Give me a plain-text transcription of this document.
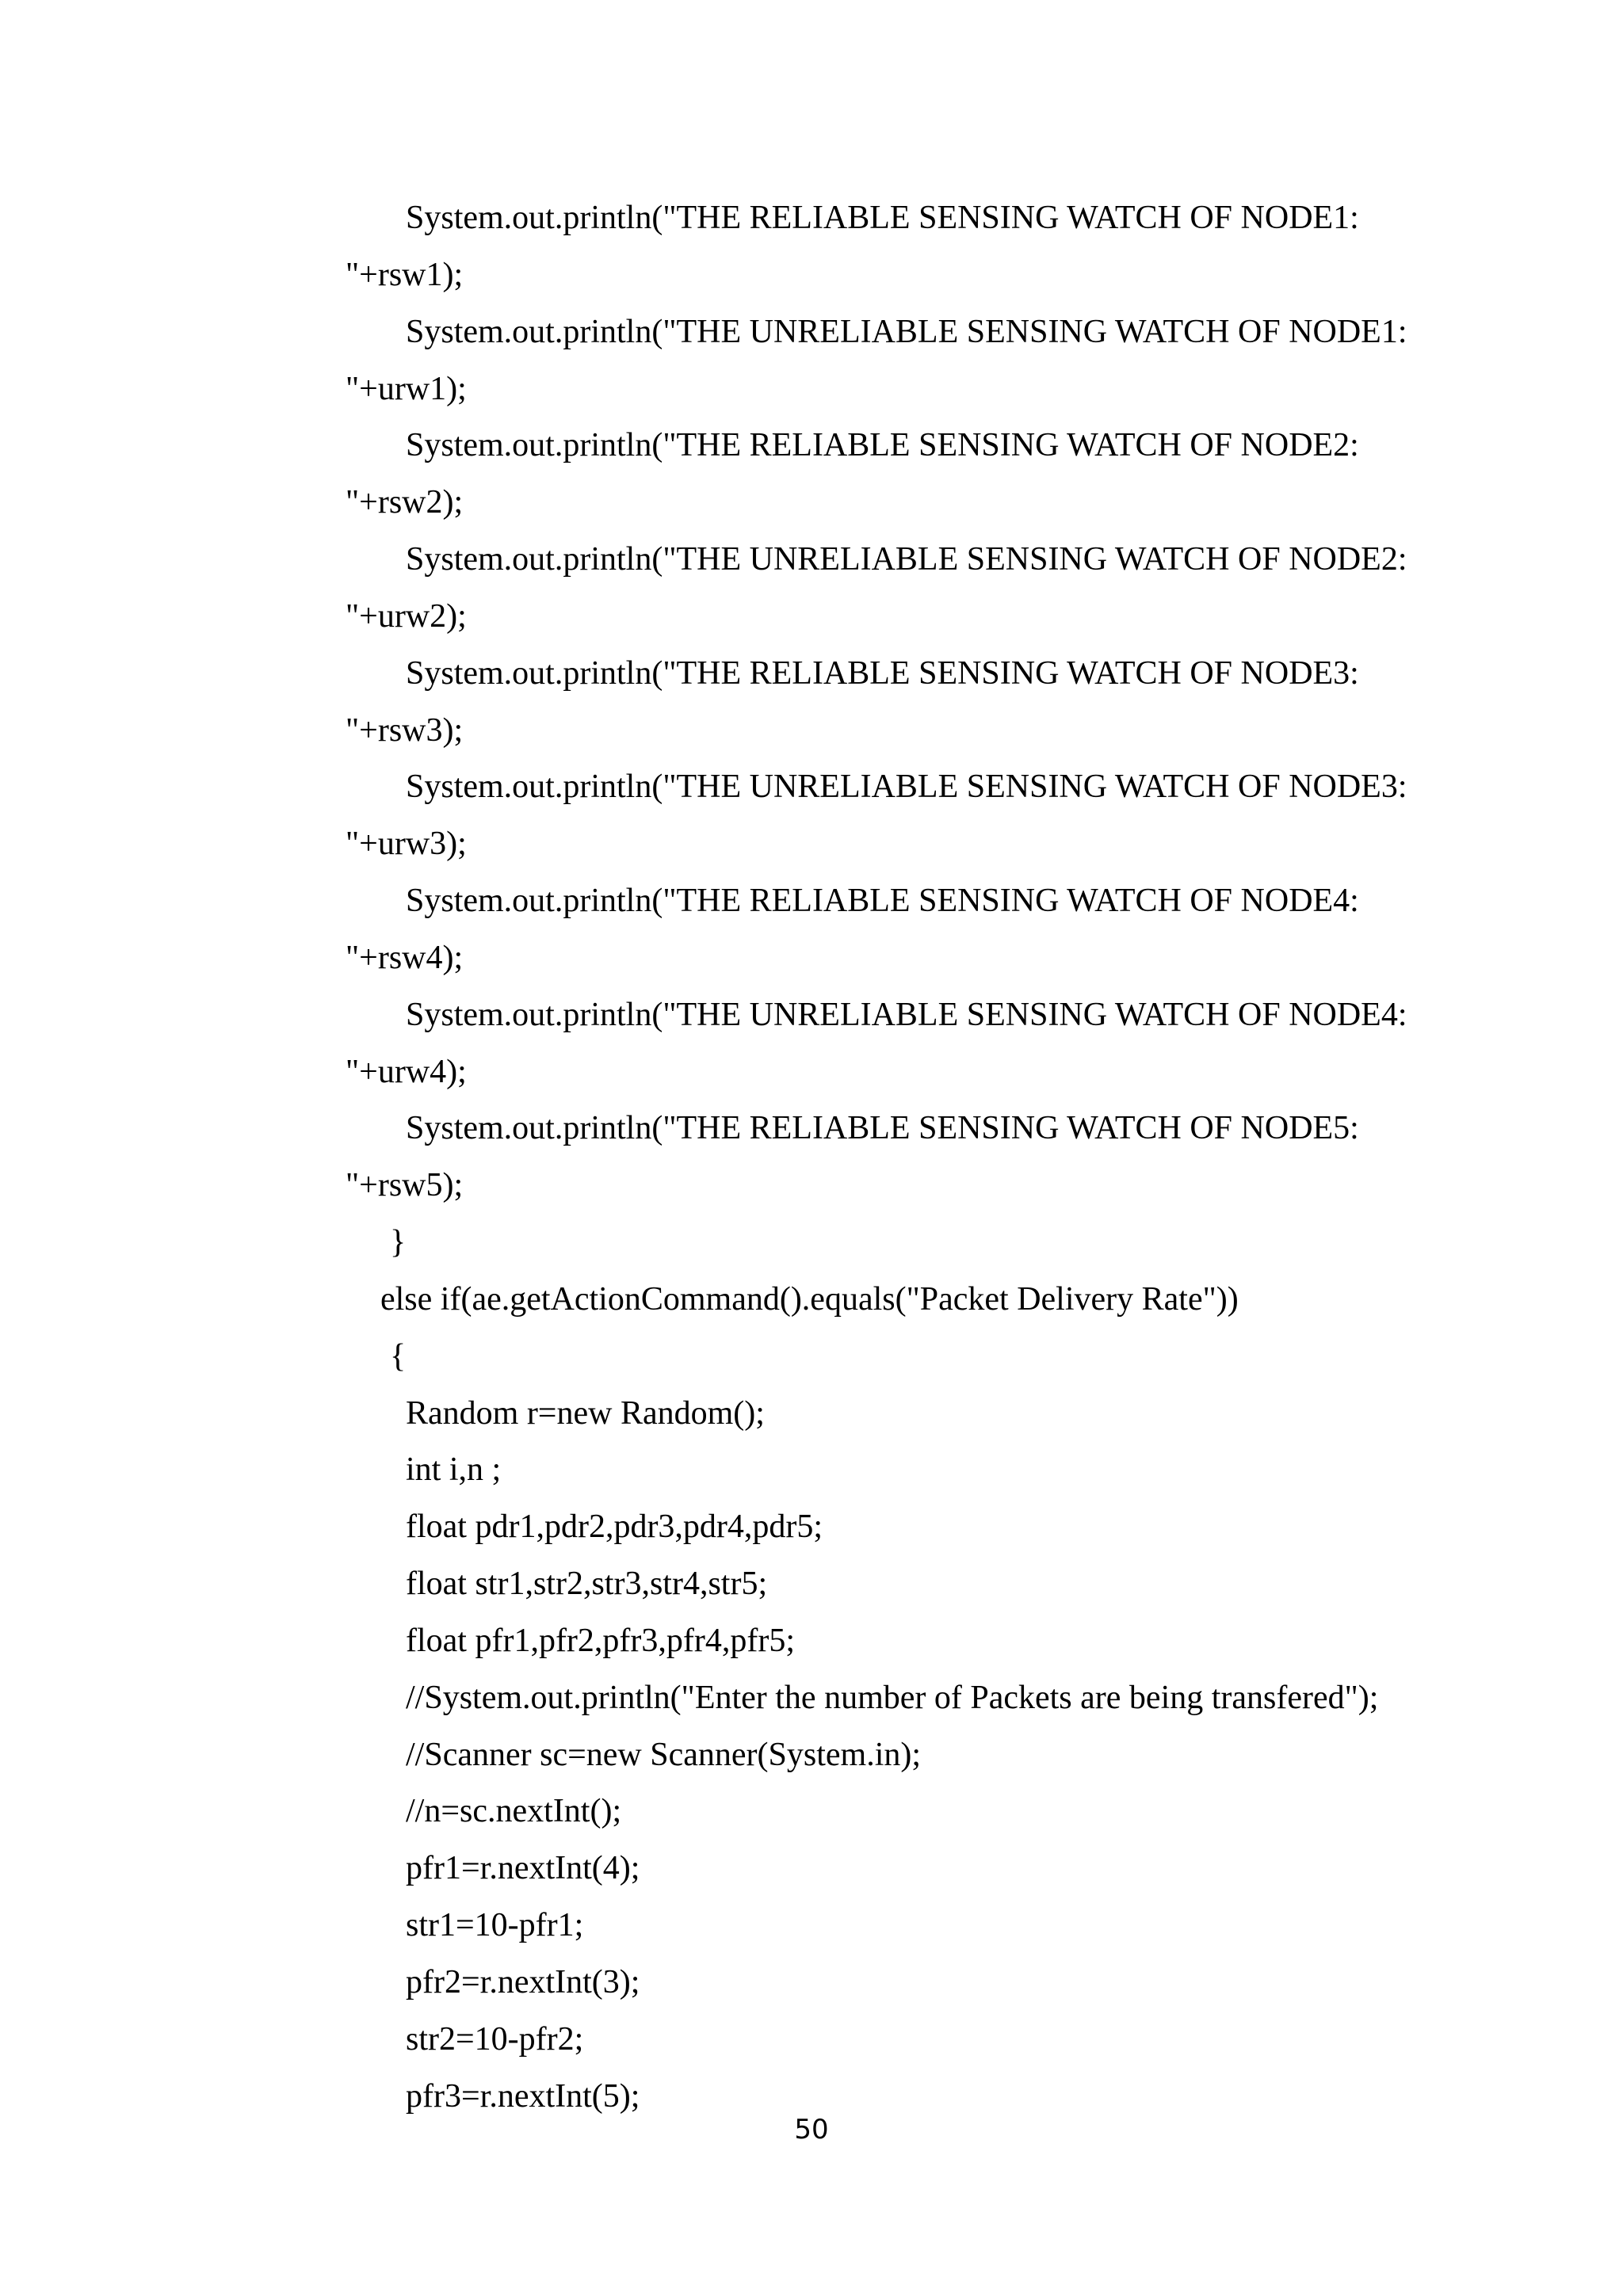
System.out.println("THE RELIABLE SENSING WATCH OF NODE1:
"+rsw1);
System.out.println("THE UNRELIABLE SENSING WATCH OF NODE1:
"+urw1);
System.out.println("THE RELIABLE SENSING WATCH OF NODE2:
"+rsw2);
System.out.println("THE UNRELIABLE SENSING WATCH OF NODE2:
"+urw2);
System.out.println("THE RELIABLE SENSING WATCH OF NODE3:
"+rsw3);
System.out.println("THE UNRELIABLE SENSING WATCH OF NODE3:
"+urw3);
System.out.println("THE RELIABLE SENSING WATCH OF NODE4:
"+rsw4);
System.out.println("THE UNRELIABLE SENSING WATCH OF NODE4:
"+urw4);
System.out.println("THE RELIABLE SENSING WATCH OF NODE5:
"+rsw5);
}
else if(ae.getActionCommand().equals("Packet Delivery Rate"))
{
Random r=new Random();
int i,n ;
float pdr1,pdr2,pdr3,pdr4,pdr5;
float str1,str2,str3,str4,str5;
float pfr1,pfr2,pfr3,pfr4,pfr5;
//System.out.println("Enter the number of Packets are being transfered");
//Scanner sc=new Scanner(System.in);
//n=sc.nextInt();
pfr1=r.nextInt(4);
str1=10-pfr1;
pfr2=r.nextInt(3);
str2=10-pfr2;
pfr3=r.nextInt(5);
50
